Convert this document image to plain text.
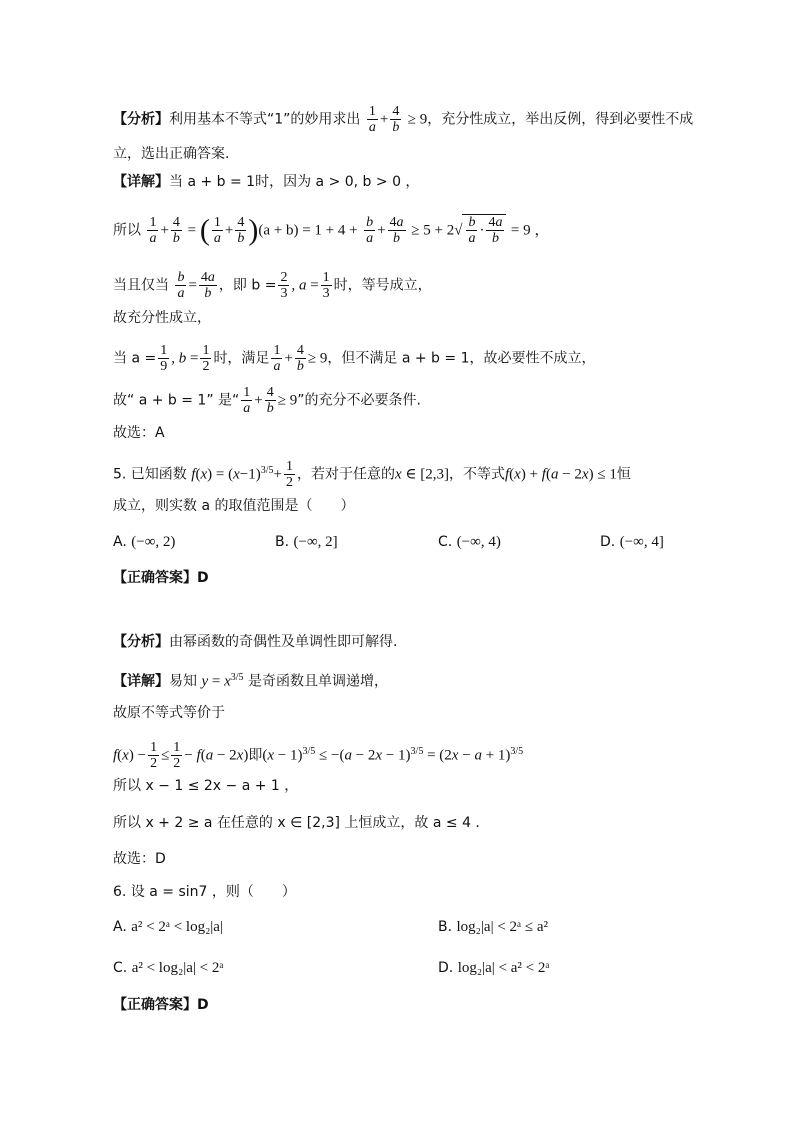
【分析】利用基本不等式“1”的妙用求出 $\frac{1}{a} + \frac{4}{b} \ge 9$，充分性成立，举出反例，得到必要性不成
立，选出正确答案.
【详解】当 a + b = 1时，因为 a > 0, b > 0 ，
所以 $\frac{1}{a} + \frac{4}{b}$ = ( $\frac{1}{a} + \frac{4}{b} )(a + b) = 1 + 4 + \frac{b}{a} + \frac{4a}{b} \ge 5 + 2√ \frac{b}{a} \cdot \frac{4a}{b} = 9$ ，
当且仅当 $\frac{b}{a} = \frac{4a}{b}$ ，即 $b = \frac{2}{3}$ , $a = \frac{1}{3}$ 时，等号成立，
故充分性成立，
当 $a = \frac{1}{9}$ , $b = \frac{1}{2}$ 时，满足 $\frac{1}{a} + \frac{4}{b} \ge 9$，但不满足 a + b = 1，故必要性不成立，
故“ a + b = 1” 是“ $\frac{1}{a} + \frac{4}{b} \ge 9$”的充分不必要条件.
故选：A
5. 已知函数 $f(x) = (x-1)^{3/5}+ \frac{1}{2}$ ，若对于任意的x ∈ [2,3]，不等式f(x) + f(a − 2x) ≤ 1恒
成立，则实数 a 的取值范围是（　　）
A. (−∞, 2)	B. (−∞, 2]	C. (−∞, 4)	D. (−∞, 4]
【正确答案】D
【分析】由幂函数的奇偶性及单调性即可解得.
【详解】易知 $y = x^{3/5}$ 是奇函数且单调递增，
故原不等式等价于
$f(x) - \frac{1}{2} \le \frac{1}{2} - f(a - 2x)$即$(x - 1)^{3/5} \le -(a - 2x - 1)^{3/5} = (2x - a + 1)^{3/5}$
所以 x − 1 ≤ 2x − a + 1 ，
所以 x + 2 ≥ a 在任意的 x ∈ [2,3] 上恒成立，故 a ≤ 4 .
故选：D
6. 设 a = sin7 ，则（　　）
A. a² < 2ᵃ < log₂|a|	B. log₂|a| < 2ᵃ ≤ a²
C. a² < log₂|a| < 2ᵃ	D. log₂|a| < a² < 2ᵃ
【正确答案】D
